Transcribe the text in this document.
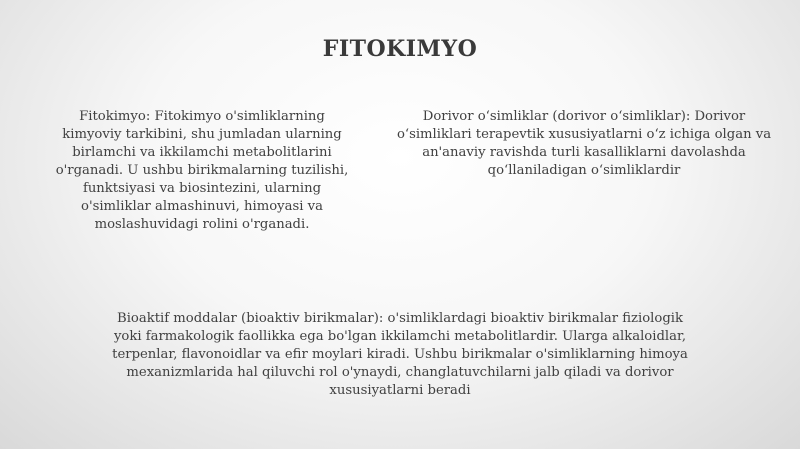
FITOKIMYO
Fitokimyo: Fitokimyo o'simliklarning kimyoviy tarkibini, shu jumladan ularning birlamchi va ikkilamchi metabolitlarini o'rganadi. U ushbu birikmalarning tuzilishi, funktsiyasi va biosintezini, ularning o'simliklar almashinuvi, himoyasi va moslashuvidagi rolini o'rganadi.
Dorivor oʻsimliklar (dorivor oʻsimliklar): Dorivor oʻsimliklari terapevtik xususiyatlarni oʻz ichiga olgan va an'anaviy ravishda turli kasalliklarni davolashda qoʻllaniladigan oʻsimliklardir
Bioaktif moddalar (bioaktiv birikmalar): o'simliklardagi bioaktiv birikmalar fiziologik yoki farmakologik faollikka ega bo'lgan ikkilamchi metabolitlardir. Ularga alkaloidlar, terpenlar, flavonoidlar va efir moylari kiradi. Ushbu birikmalar o'simliklarning himoya mexanizmlarida hal qiluvchi rol o'ynaydi, changlatuvchilarni jalb qiladi va dorivor xususiyatlarni beradi
